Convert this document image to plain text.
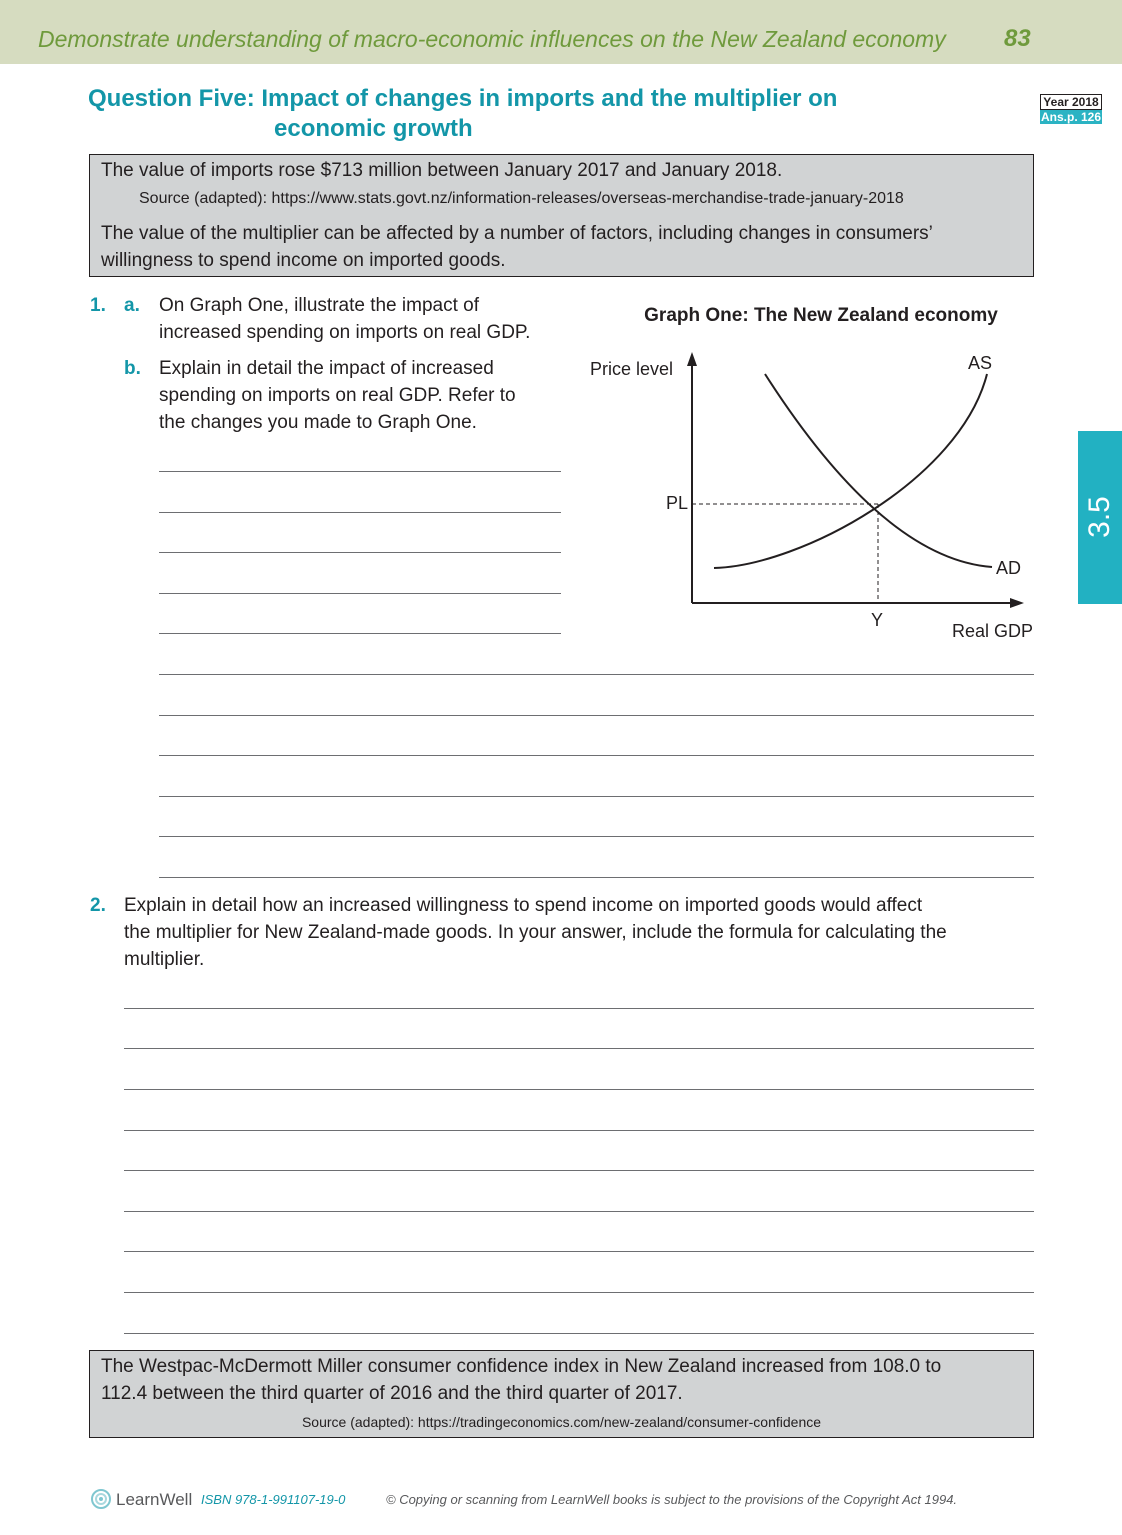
Demonstrate understanding of macro-economic influences on the New Zealand economy 83
Question Five: Impact of changes in imports and the multiplier on
economic growth
Year 2018
Ans.p. 126
The value of imports rose $713 million between January 2017 and January 2018.
Source (adapted): https://www.stats.govt.nz/information-releases/overseas-merchandise-trade-january-2018
The value of the multiplier can be affected by a number of factors, including changes in consumers’
willingness to spend income on imported goods.
3.5
1. a. On Graph One, illustrate the impact of
increased spending on imports on real GDP.
b. Explain in detail the impact of increased
spending on imports on real GDP. Refer to
the changes you made to Graph One.
Graph One: The New Zealand economy
Price level	AS
PL
AD
Y
Real GDP
2. Explain in detail how an increased willingness to spend income on imported goods would affect
the multiplier for New Zealand-made goods. In your answer, include the formula for calculating the
multiplier.
The Westpac-McDermott Miller consumer confidence index in New Zealand increased from 108.0 to
112.4 between the third quarter of 2016 and the third quarter of 2017.
Source (adapted): https://tradingeconomics.com/new-zealand/consumer-confidence
LearnWell ISBN 978-1-991107-19-0	© Copying or scanning from LearnWell books is subject to the provisions of the Copyright Act 1994.
